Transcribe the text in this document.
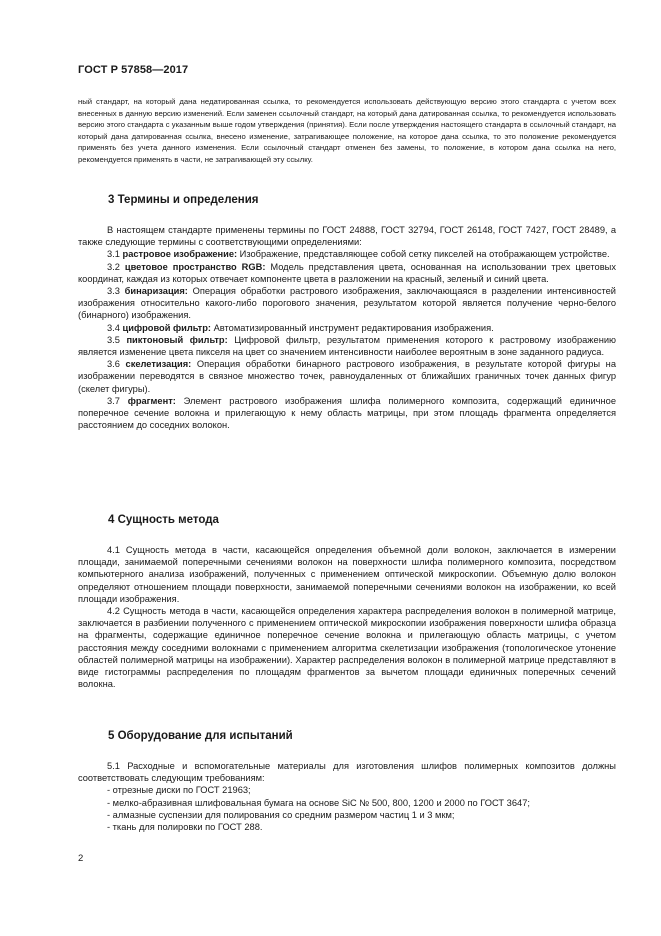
ГОСТ Р 57858—2017

ный стандарт, на который дана недатированная ссылка, то рекомендуется использовать действующую версию этого стандарта с учетом всех внесенных в данную версию изменений. Если заменен ссылочный стандарт, на который дана датированная ссылка, то рекомендуется использовать версию этого стандарта с указанным выше годом утверждения (принятия). Если после утверждения настоящего стандарта в ссылочный стандарт, на который дана датированная ссылка, внесено изменение, затрагивающее положение, на которое дана ссылка, то это положение рекомендуется применять без учета данного изменения. Если ссылочный стандарт отменен без замены, то положение, в котором дана ссылка на него, рекомендуется применять в части, не затрагивающей эту ссылку.

3 Термины и определения

В настоящем стандарте применены термины по ГОСТ 24888, ГОСТ 32794, ГОСТ 26148, ГОСТ 7427, ГОСТ 28489, а также следующие термины с соответствующими определениями:

3.1 растровое изображение: Изображение, представляющее собой сетку пикселей на отображающем устройстве.

3.2 цветовое пространство RGB: Модель представления цвета, основанная на использовании трех цветовых координат, каждая из которых отвечает компоненте цвета в разложении на красный, зеленый и синий цвета.

3.3 бинаризация: Операция обработки растрового изображения, заключающаяся в разделении интенсивностей изображения относительно какого-либо порогового значения, результатом которой является получение черно-белого (бинарного) изображения.

3.4 цифровой фильтр: Автоматизированный инструмент редактирования изображения.

3.5 пиктоновый фильтр: Цифровой фильтр, результатом применения которого к растровому изображению является изменение цвета пикселя на цвет со значением интенсивности наиболее вероятным в зоне заданного радиуса.

3.6 скелетизация: Операция обработки бинарного растрового изображения, в результате которой фигуры на изображении переводятся в связное множество точек, равноудаленных от ближайших граничных точек данных фигур (скелет фигуры).

3.7 фрагмент: Элемент растрового изображения шлифа полимерного композита, содержащий единичное поперечное сечение волокна и прилегающую к нему область матрицы, при этом площадь фрагмента определяется расстоянием до соседних волокон.

4 Сущность метода

4.1 Сущность метода в части, касающейся определения объемной доли волокон, заключается в измерении площади, занимаемой поперечными сечениями волокон на поверхности шлифа полимерного композита, посредством компьютерного анализа изображений, полученных с применением оптической микроскопии. Объемную долю волокон определяют отношением площади поверхности, занимаемой поперечными сечениями волокон на изображении, ко всей площади изображения.

4.2 Сущность метода в части, касающейся определения характера распределения волокон в полимерной матрице, заключается в разбиении полученного с применением оптической микроскопии изображения поверхности шлифа образца на фрагменты, содержащие единичное поперечное сечение волокна и прилегающую область матрицы, с учетом расстояния между соседними волокнами с применением алгоритма скелетизации изображения (топологическое утонение областей полимерной матрицы на изображении). Характер распределения волокон в полимерной матрице представляют в виде гистограммы распределения по площадям фрагментов за вычетом площади единичных поперечных сечений волокна.

5 Оборудование для испытаний

5.1 Расходные и вспомогательные материалы для изготовления шлифов полимерных композитов должны соответствовать следующим требованиям:

- отрезные диски по ГОСТ 21963;

- мелко-абразивная шлифовальная бумага на основе SiC № 500, 800, 1200 и 2000 по ГОСТ 3647;

- алмазные суспензии для полирования со средним размером частиц 1 и 3 мкм;

- ткань для полировки по ГОСТ 288.

2
